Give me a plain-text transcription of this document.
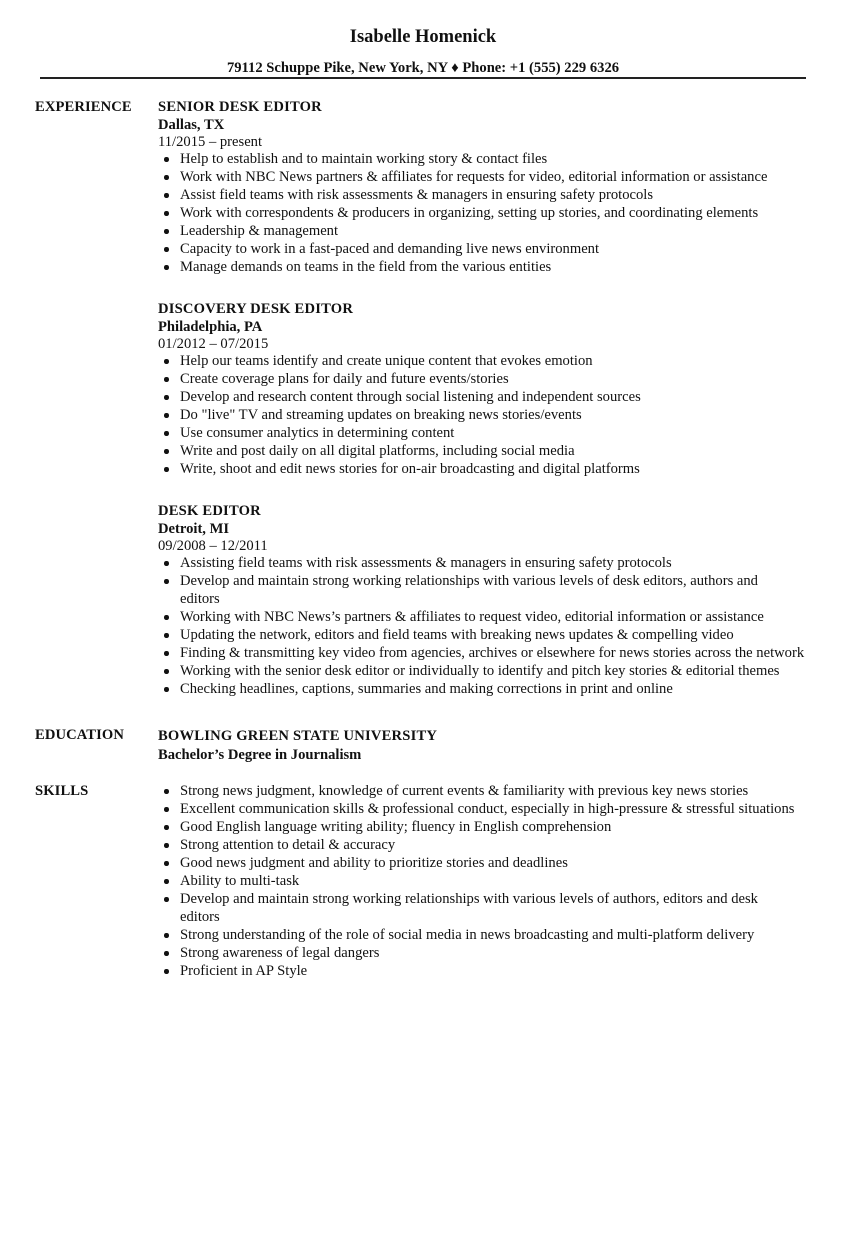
Isabelle Homenick
79112 Schuppe Pike, New York, NY ♦ Phone: +1 (555) 229 6326
EXPERIENCE SENIOR DESK EDITOR
Dallas, TX
11/2015 – present
Help to establish and to maintain working story & contact files
Work with NBC News partners & affiliates for requests for video, editorial information or assistance
Assist field teams with risk assessments & managers in ensuring safety protocols
Work with correspondents & producers in organizing, setting up stories, and coordinating elements
Leadership & management
Capacity to work in a fast-paced and demanding live news environment
Manage demands on teams in the field from the various entities
DISCOVERY DESK EDITOR
Philadelphia, PA
01/2012 – 07/2015
Help our teams identify and create unique content that evokes emotion
Create coverage plans for daily and future events/stories
Develop and research content through social listening and independent sources
Do "live" TV and streaming updates on breaking news stories/events
Use consumer analytics in determining content
Write and post daily on all digital platforms, including social media
Write, shoot and edit news stories for on-air broadcasting and digital platforms
DESK EDITOR
Detroit, MI
09/2008 – 12/2011
Assisting field teams with risk assessments & managers in ensuring safety protocols
Develop and maintain strong working relationships with various levels of desk editors, authors and editors
Working with NBC News’s partners & affiliates to request video, editorial information or assistance
Updating the network, editors and field teams with breaking news updates & compelling video
Finding & transmitting key video from agencies, archives or elsewhere for news stories across the network
Working with the senior desk editor or individually to identify and pitch key stories & editorial themes
Checking headlines, captions, summaries and making corrections in print and online
EDUCATION BOWLING GREEN STATE UNIVERSITY
Bachelor’s Degree in Journalism
SKILLS	Strong news judgment, knowledge of current events & familiarity with previous key news stories
Excellent communication skills & professional conduct, especially in high-pressure & stressful situations
Good English language writing ability; fluency in English comprehension
Strong attention to detail & accuracy
Good news judgment and ability to prioritize stories and deadlines
Ability to multi-task
Develop and maintain strong working relationships with various levels of authors, editors and desk editors
Strong understanding of the role of social media in news broadcasting and multi-platform delivery
Strong awareness of legal dangers
Proficient in AP Style
